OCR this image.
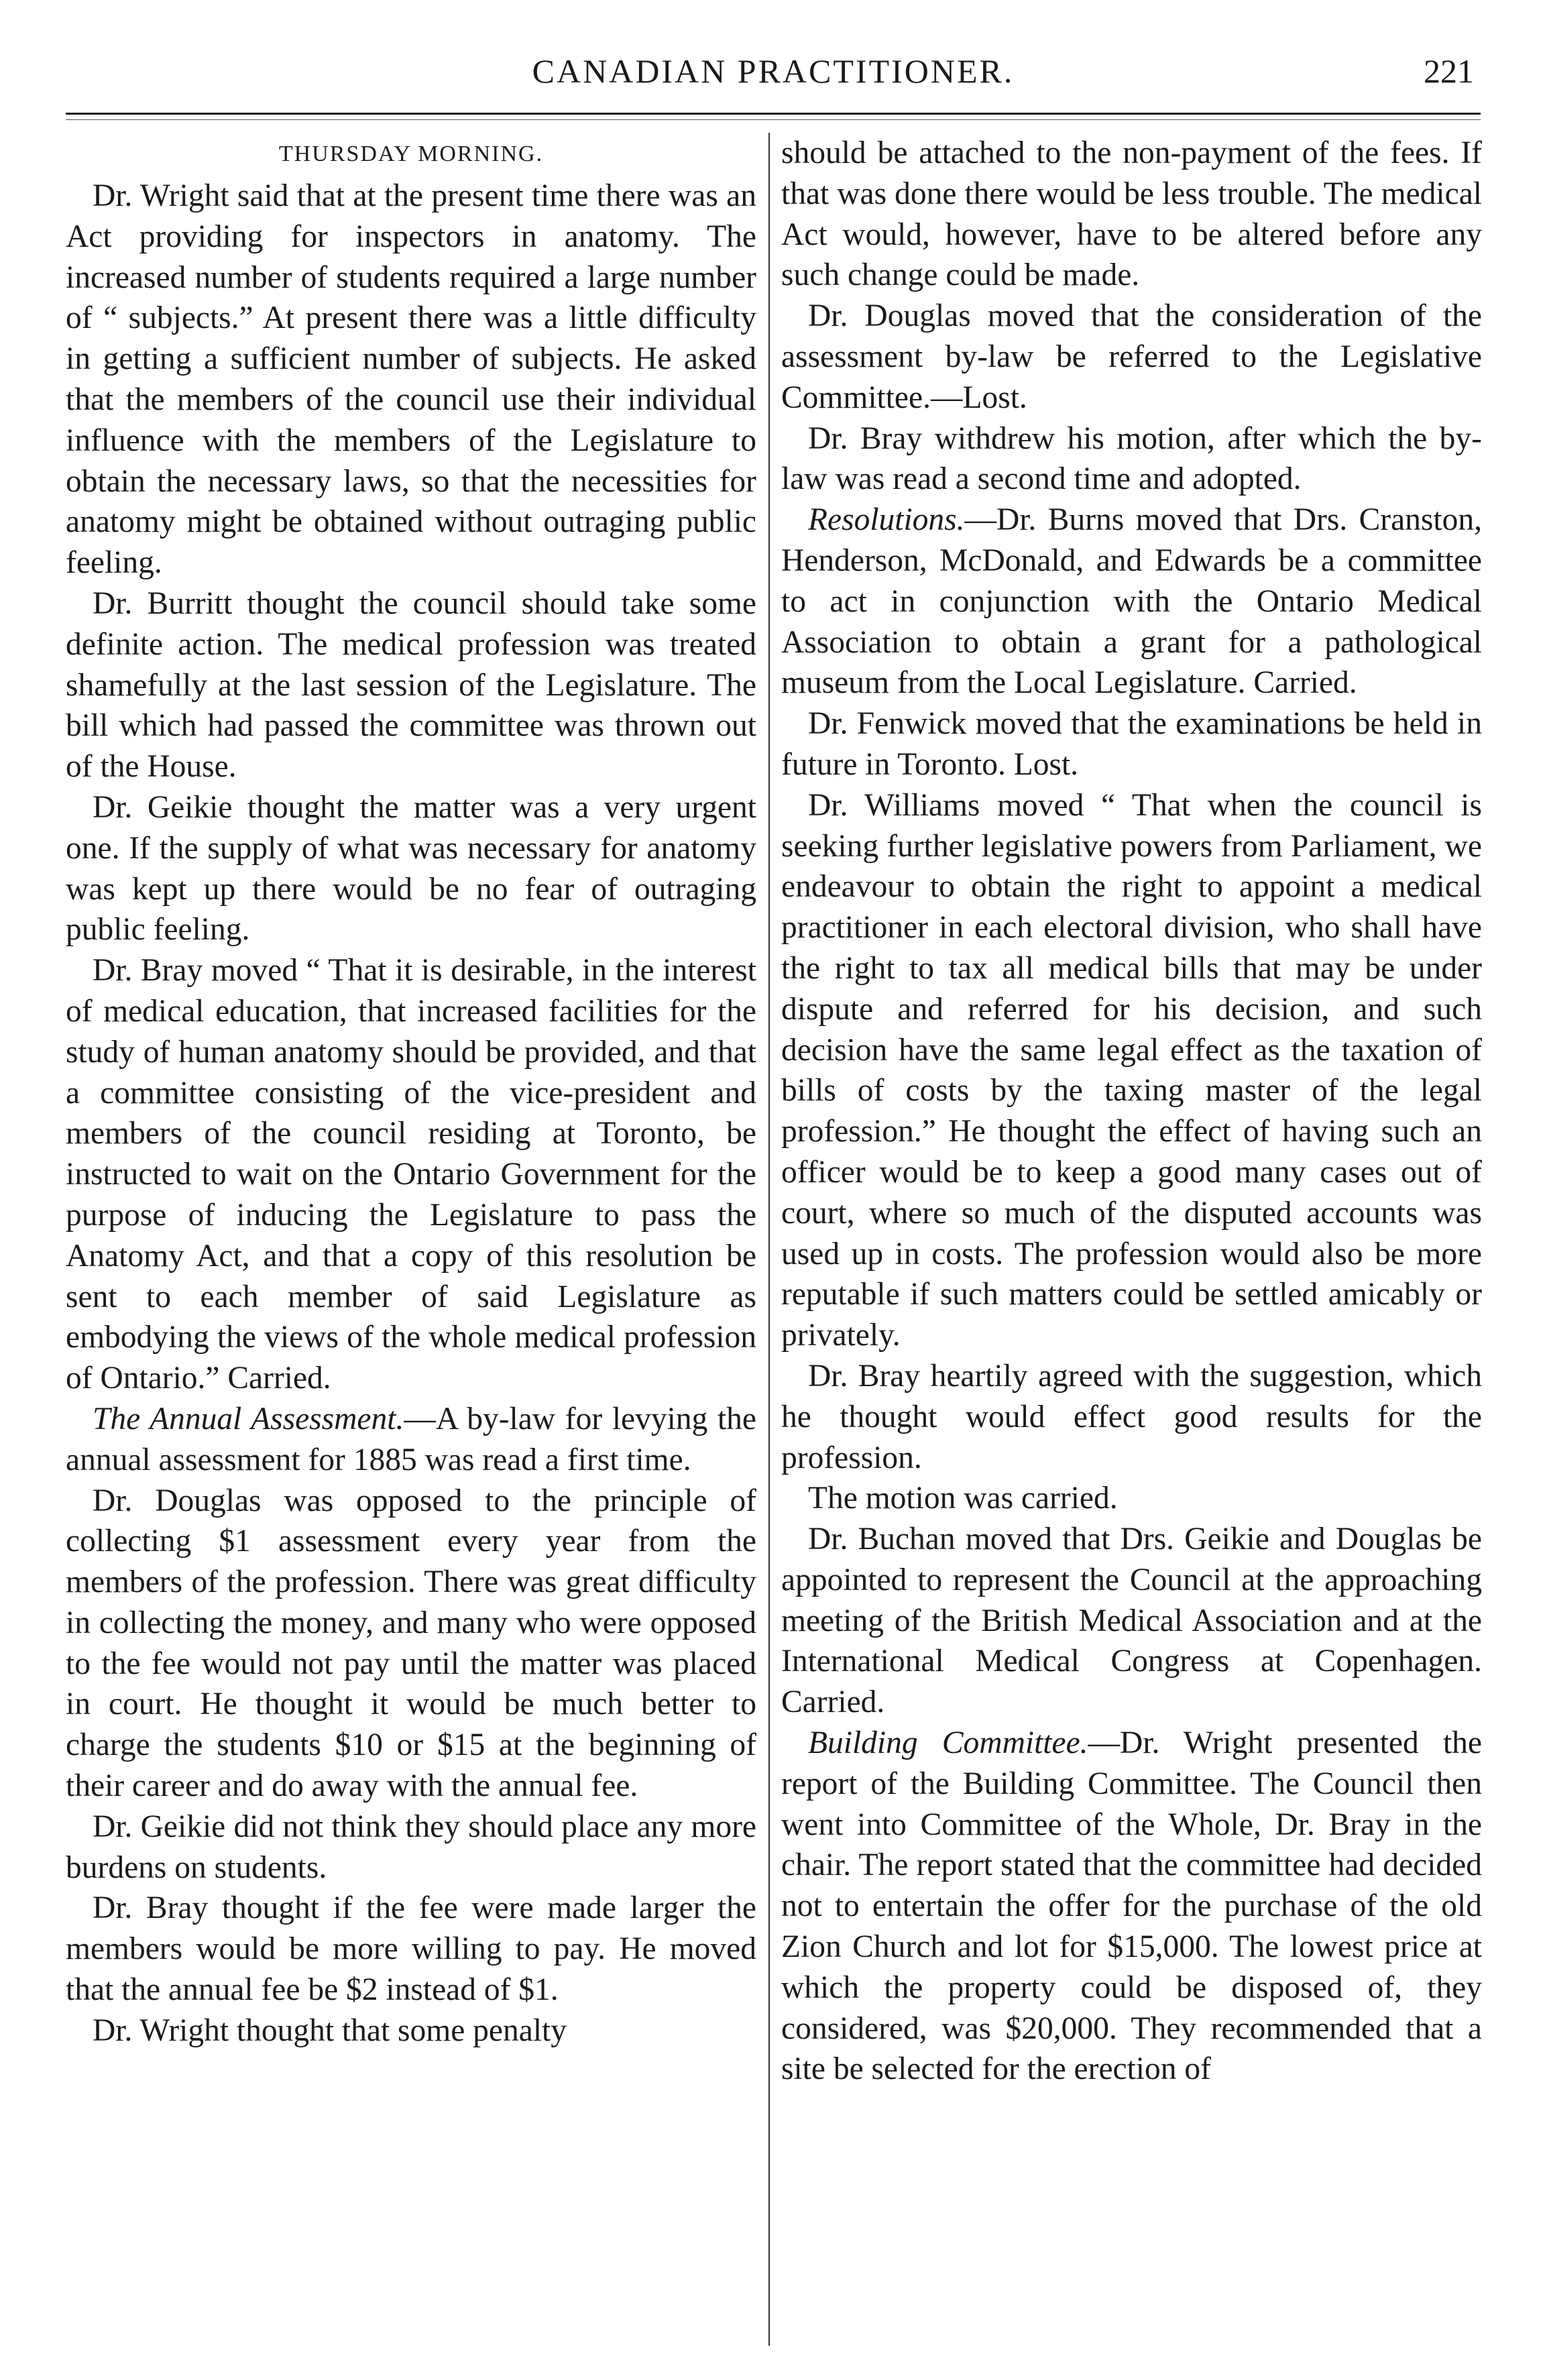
CANADIAN PRACTITIONER.	221

THURSDAY MORNING.

Dr. Wright said that at the present time there was an Act providing for inspectors in anatomy. The increased number of students required a large number of “ subjects.” At present there was a little difficulty in getting a sufficient number of subjects. He asked that the members of the council use their individual influence with the members of the Legislature to obtain the necessary laws, so that the necessities for anatomy might be obtained without outraging public feeling.

Dr. Burritt thought the council should take some definite action. The medical profession was treated shamefully at the last session of the Legislature. The bill which had passed the committee was thrown out of the House.

Dr. Geikie thought the matter was a very urgent one. If the supply of what was necessary for anatomy was kept up there would be no fear of outraging public feeling.

Dr. Bray moved “ That it is desirable, in the interest of medical education, that increased facilities for the study of human anatomy should be provided, and that a committee consisting of the vice-president and members of the council residing at Toronto, be instructed to wait on the Ontario Government for the purpose of inducing the Legislature to pass the Anatomy Act, and that a copy of this resolution be sent to each member of said Legislature as embodying the views of the whole medical profession of Ontario.” Carried.

The Annual Assessment.—A by-law for levying the annual assessment for 1885 was read a first time.

Dr. Douglas was opposed to the principle of collecting $1 assessment every year from the members of the profession. There was great difficulty in collecting the money, and many who were opposed to the fee would not pay until the matter was placed in court. He thought it would be much better to charge the students $10 or $15 at the beginning of their career and do away with the annual fee.

Dr. Geikie did not think they should place any more burdens on students.

Dr. Bray thought if the fee were made larger the members would be more willing to pay. He moved that the annual fee be $2 instead of $1.

Dr. Wright thought that some penalty

should be attached to the non-payment of the fees. If that was done there would be less trouble. The medical Act would, however, have to be altered before any such change could be made.

Dr. Douglas moved that the consideration of the assessment by-law be referred to the Legislative Committee.—Lost.

Dr. Bray withdrew his motion, after which the by-law was read a second time and adopted.

Resolutions.—Dr. Burns moved that Drs. Cranston, Henderson, McDonald, and Edwards be a committee to act in conjunction with the Ontario Medical Association to obtain a grant for a pathological museum from the Local Legislature. Carried.

Dr. Fenwick moved that the examinations be held in future in Toronto. Lost.

Dr. Williams moved “ That when the council is seeking further legislative powers from Parliament, we endeavour to obtain the right to appoint a medical practitioner in each electoral division, who shall have the right to tax all medical bills that may be under dispute and referred for his decision, and such decision have the same legal effect as the taxation of bills of costs by the taxing master of the legal profession.” He thought the effect of having such an officer would be to keep a good many cases out of court, where so much of the disputed accounts was used up in costs. The profession would also be more reputable if such matters could be settled amicably or privately.

Dr. Bray heartily agreed with the suggestion, which he thought would effect good results for the profession.

The motion was carried.

Dr. Buchan moved that Drs. Geikie and Douglas be appointed to represent the Council at the approaching meeting of the British Medical Association and at the International Medical Congress at Copenhagen. Carried.

Building Committee.—Dr. Wright presented the report of the Building Committee. The Council then went into Committee of the Whole, Dr. Bray in the chair. The report stated that the committee had decided not to entertain the offer for the purchase of the old Zion Church and lot for $15,000. The lowest price at which the property could be disposed of, they considered, was $20,000. They recommended that a site be selected for the erection of
